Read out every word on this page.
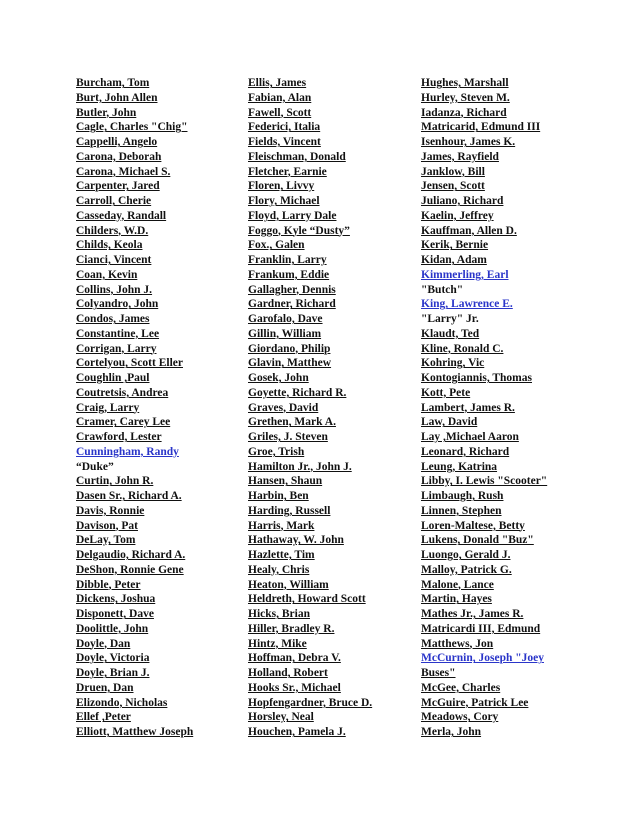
Burcham, Tom
Burt, John Allen
Butler, John
Cagle, Charles "Chig"
Cappelli, Angelo
Carona, Deborah
Carona, Michael S.
Carpenter, Jared
Carroll, Cherie
Casseday, Randall
Childers, W.D.
Childs, Keola
Cianci, Vincent
Coan, Kevin
Collins, John J.
Colyandro, John
Condos, James
Constantine, Lee
Corrigan, Larry
Cortelyou, Scott Eller
Coughlin ,Paul
Coutretsis, Andrea
Craig, Larry
Cramer, Carey Lee
Crawford, Lester
Cunningham, Randy
“Duke”
Curtin, John R.
Dasen Sr., Richard A.
Davis, Ronnie
Davison, Pat
DeLay, Tom
Delgaudio, Richard A.
DeShon, Ronnie Gene
Dibble, Peter
Dickens, Joshua
Disponett, Dave
Doolittle, John
Doyle, Dan
Doyle, Victoria
Doyle, Brian J.
Druen, Dan
Elizondo, Nicholas
Ellef ,Peter
Elliott, Matthew Joseph
Ellis, James
Fabian, Alan
Fawell, Scott
Federici, Italia
Fields, Vincent
Fleischman, Donald
Fletcher, Earnie
Floren, Livvy
Flory, Michael
Floyd, Larry Dale
Foggo, Kyle “Dusty”
Fox., Galen
Franklin, Larry
Frankum, Eddie
Gallagher, Dennis
Gardner, Richard
Garofalo, Dave
Gillin, William
Giordano, Philip
Glavin, Matthew
Gosek, John
Goyette, Richard R.
Graves, David
Grethen, Mark A.
Griles, J. Steven
Groe, Trish
Hamilton Jr., John J.
Hansen, Shaun
Harbin, Ben
Harding, Russell
Harris, Mark
Hathaway, W. John
Hazlette, Tim
Healy, Chris
Heaton, William
Heldreth, Howard Scott
Hicks, Brian
Hiller, Bradley R.
Hintz, Mike
Hoffman, Debra V.
Holland, Robert
Hooks Sr., Michael
Hopfengardner, Bruce D.
Horsley, Neal
Houchen, Pamela J.
Hughes, Marshall
Hurley, Steven M.
Iadanza, Richard
Matricarid, Edmund III
Isenhour, James K.
James, Rayfield
Janklow, Bill
Jensen, Scott
Juliano, Richard
Kaelin, Jeffrey
Kauffman, Allen D.
Kerik, Bernie
Kidan, Adam
Kimmerling, Earl
"Butch"
King, Lawrence E.
"Larry" Jr.
Klaudt, Ted
Kline, Ronald C.
Kohring, Vic
Kontogiannis, Thomas
Kott, Pete
Lambert, James R.
Law, David
Lay ,Michael Aaron
Leonard, Richard
Leung, Katrina
Libby, I. Lewis "Scooter"
Limbaugh, Rush
Linnen, Stephen
Loren-Maltese, Betty
Lukens, Donald "Buz"
Luongo, Gerald J.
Malloy, Patrick G.
Malone, Lance
Martin, Hayes
Mathes Jr., James R.
Matricardi III, Edmund
Matthews, Jon
McCurnin, Joseph "Joey
Buses"
McGee, Charles
McGuire, Patrick Lee
Meadows, Cory
Merla, John
